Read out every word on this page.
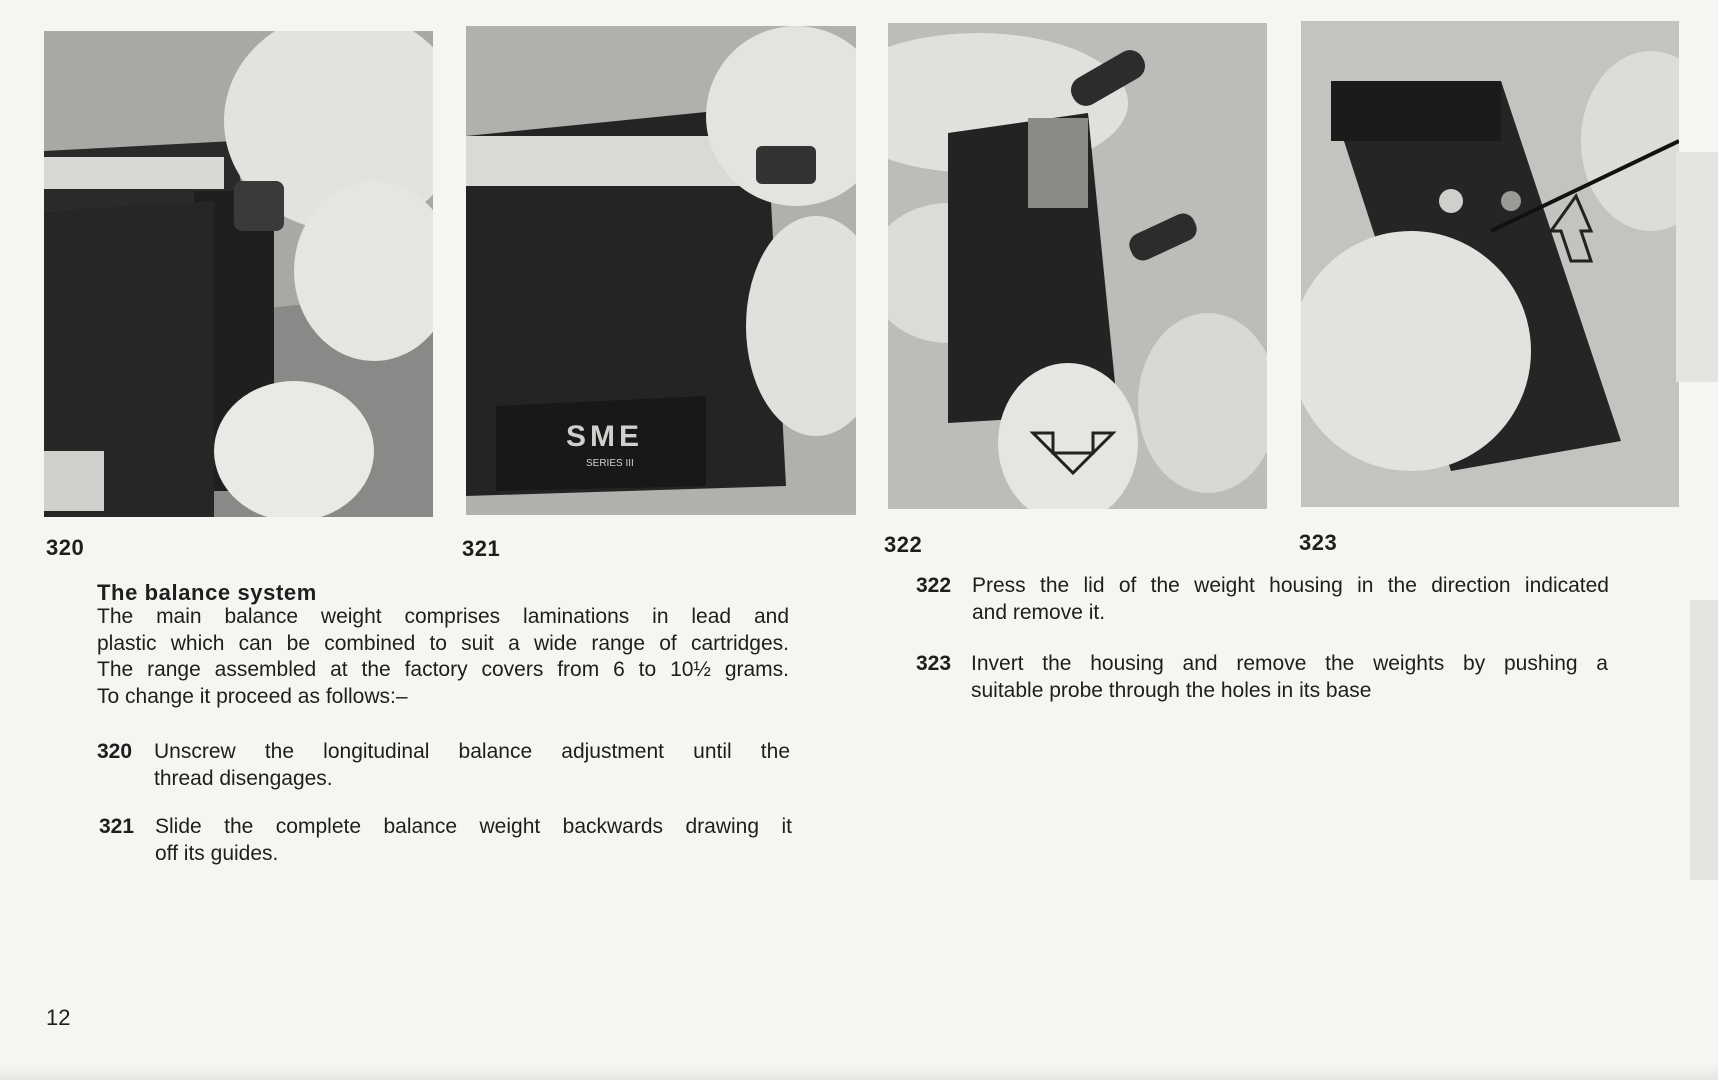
SME
SERIES III
320	321	322	323
The balance system
The main balance weight comprises laminations in lead and
plastic which can be combined to suit a wide range of cartridges.
The range assembled at the factory covers from 6 to 10½ grams.
To change it proceed as follows:–
320 Unscrew the longitudinal balance adjustment until the
thread disengages.
321 Slide the complete balance weight backwards drawing it
off its guides.
322 Press the lid of the weight housing in the direction indicated
and remove it.
323 Invert the housing and remove the weights by pushing a
suitable probe through the holes in its base
12
